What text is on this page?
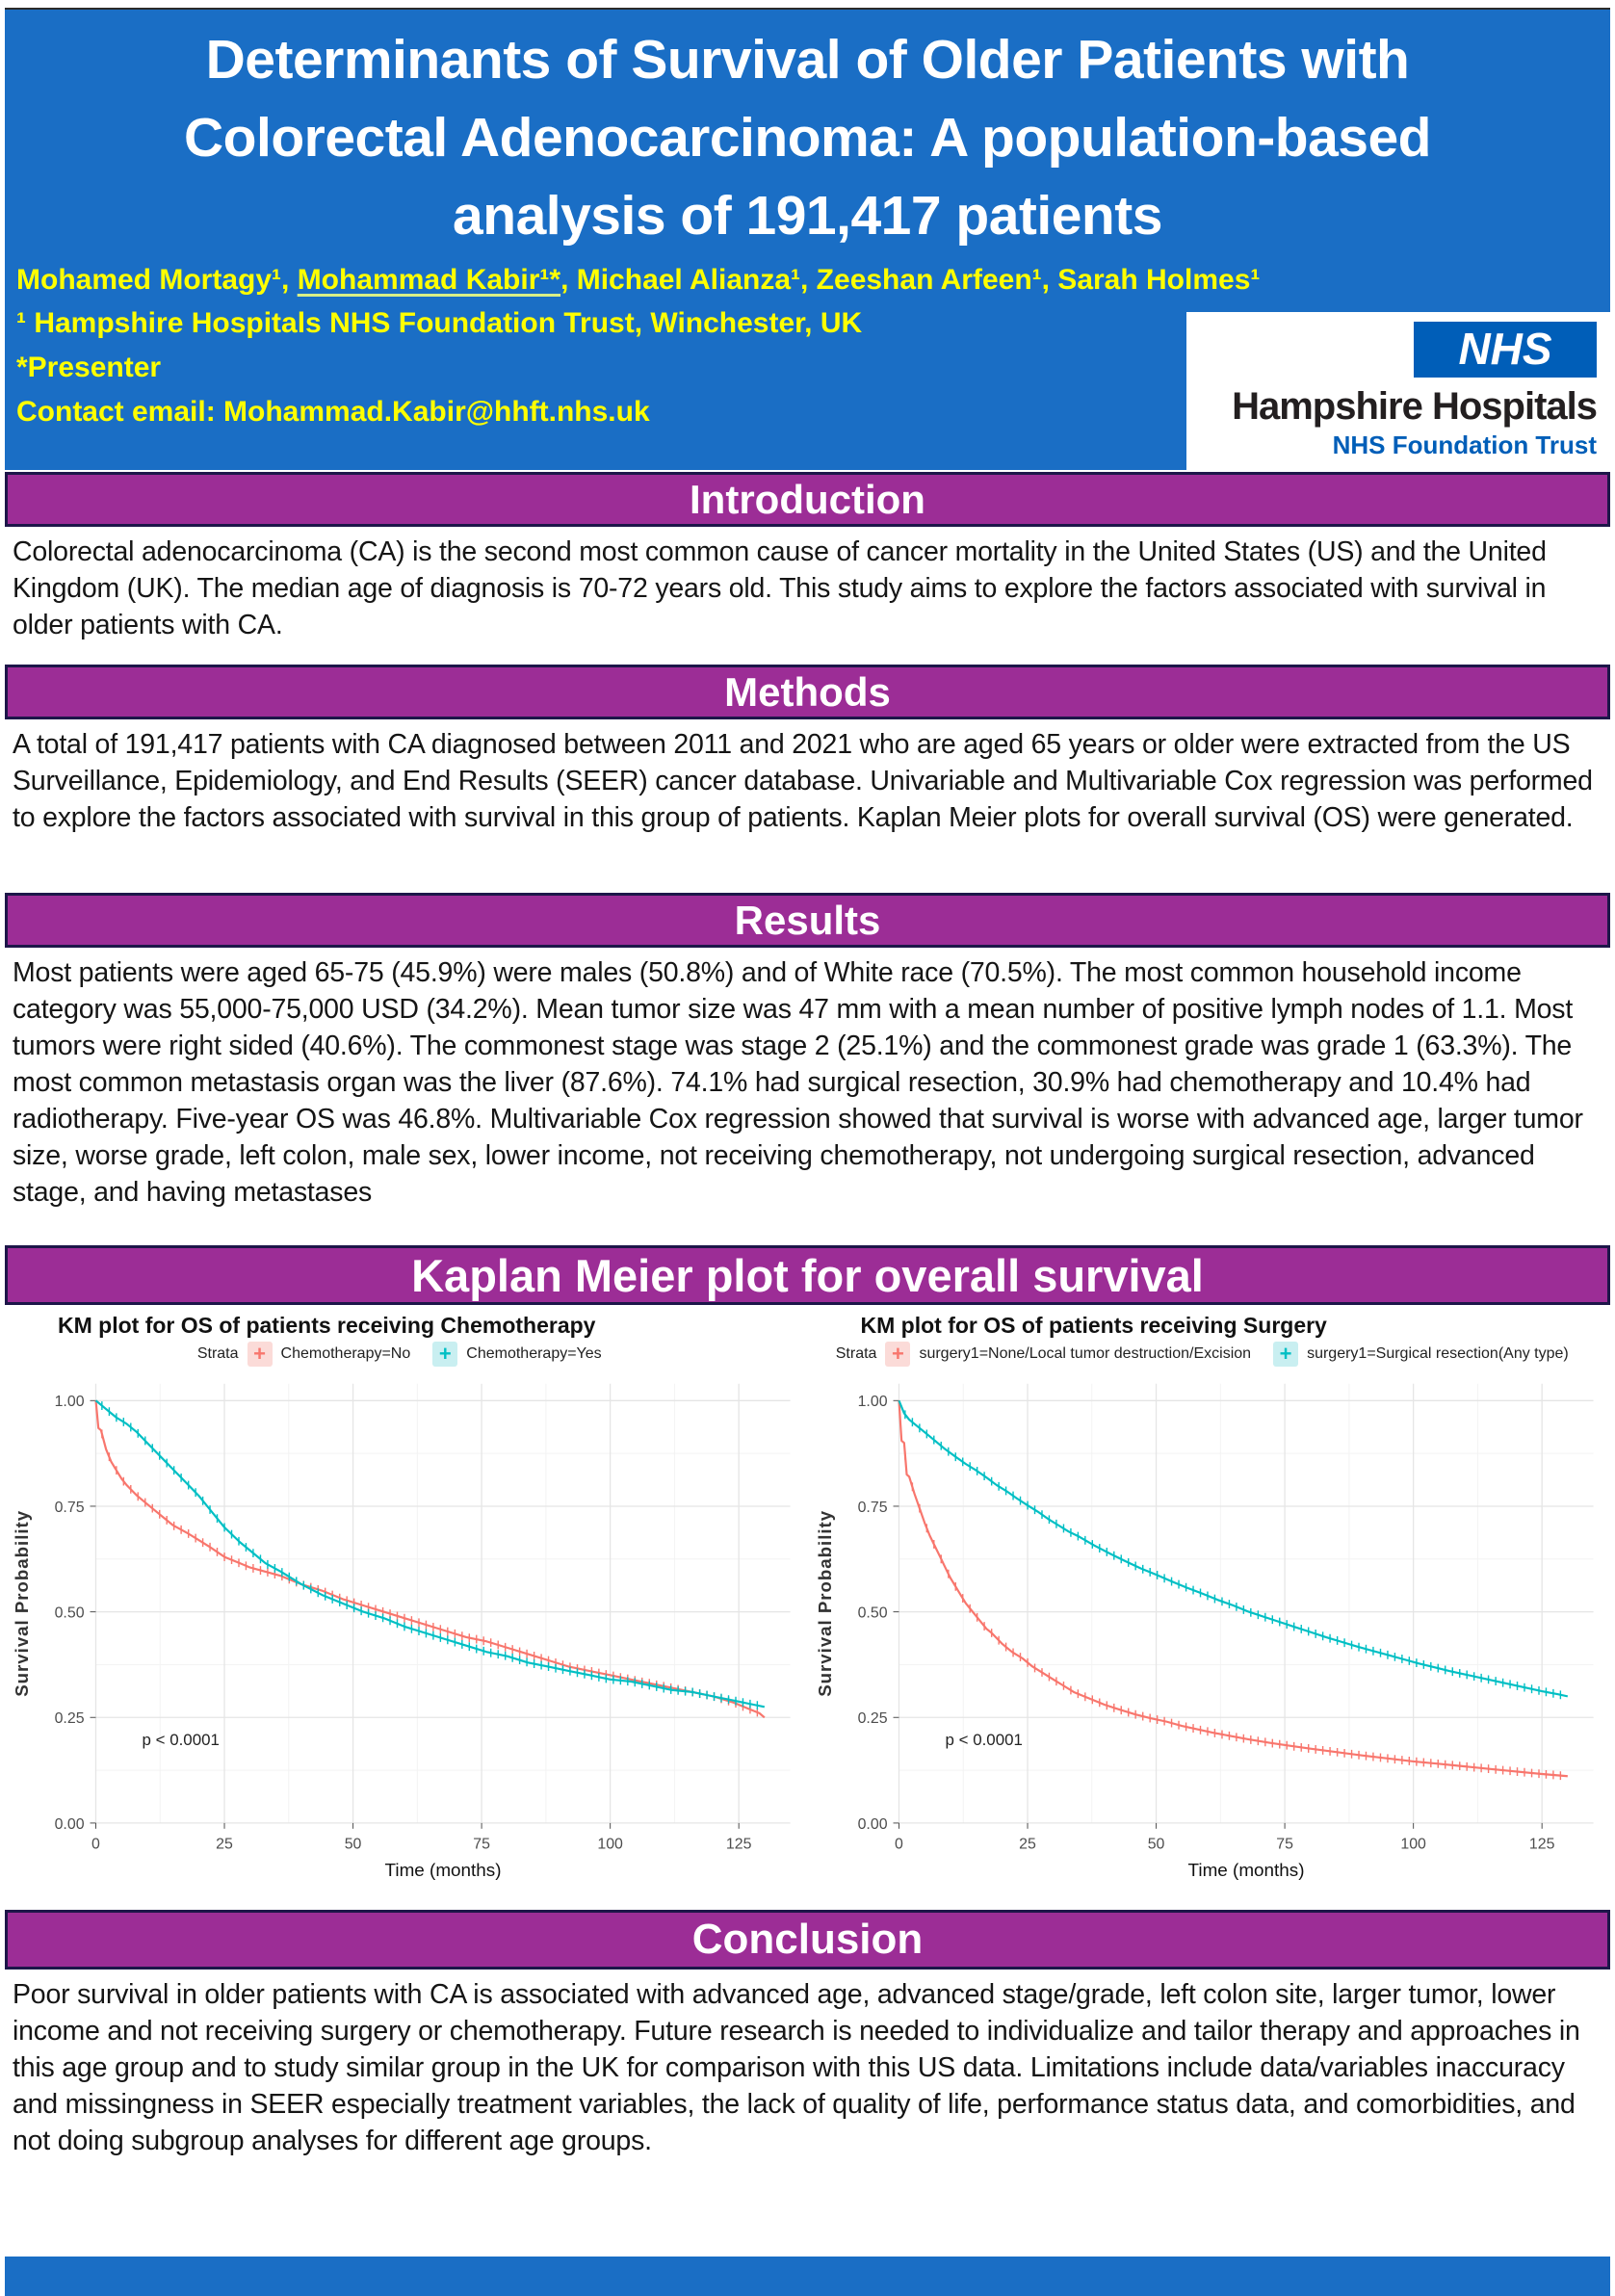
Determinants of Survival of Older Patients with
Colorectal Adenocarcinoma: A population-based
analysis of 191,417 patients
Mohamed Mortagy¹, Mohammad Kabir¹*, Michael Alianza¹, Zeeshan Arfeen¹, Sarah Holmes¹
¹ Hampshire Hospitals NHS Foundation Trust, Winchester, UK
*Presenter
Contact email: Mohammad.Kabir@hhft.nhs.uk
NHS
Hampshire Hospitals
NHS Foundation Trust
Introduction
Colorectal adenocarcinoma (CA) is the second most common cause of cancer mortality in the United States (US) and the United Kingdom (UK). The median age of diagnosis is 70-72 years old. This study aims to explore the factors associated with survival in older patients with CA.
Methods
A total of 191,417 patients with CA diagnosed between 2011 and 2021 who are aged 65 years or older were extracted from the US Surveillance, Epidemiology, and End Results (SEER) cancer database. Univariable and Multivariable Cox regression was performed to explore the factors associated with survival in this group of patients. Kaplan Meier plots for overall survival (OS) were generated.
Results
Most patients were aged 65-75 (45.9%) were males (50.8%) and of White race (70.5%). The most common household income category was 55,000-75,000 USD (34.2%). Mean tumor size was 47 mm with a mean number of positive lymph nodes of 1.1. Most tumors were right sided (40.6%). The commonest stage was stage 2 (25.1%) and the commonest grade was grade 1 (63.3%). The most common metastasis organ was the liver (87.6%). 74.1% had surgical resection, 30.9% had chemotherapy and 10.4% had radiotherapy. Five-year OS was 46.8%. Multivariable Cox regression showed that survival is worse with advanced age, larger tumor size, worse grade, left colon, male sex, lower income, not receiving chemotherapy, not undergoing surgical resection, advanced stage, and having metastases
Kaplan Meier plot for overall survival
KM plot for OS of patients receiving Chemotherapy
Strata + Chemotherapy=No + Chemotherapy=Yes
0	25	50	75	100	125
0.00
0.25
0.50
0.75
1.00
Time (months)
Survival Probability
p < 0.0001
KM plot for OS of patients receiving Surgery
Strata + surgery1=None/Local tumor destruction/Excision + surgery1=Surgical resection(Any type)
0	25	50	75	100	125
0.00
0.25
0.50
0.75
1.00
Time (months)
Survival Probability
p < 0.0001
Conclusion
Poor survival in older patients with CA is associated with advanced age, advanced stage/grade, left colon site, larger tumor, lower income and not receiving surgery or chemotherapy. Future research is needed to individualize and tailor therapy and approaches in this age group and to study similar group in the UK for comparison with this US data. Limitations include data/variables inaccuracy and missingness in SEER especially treatment variables, the lack of quality of life, performance status data, and comorbidities, and not doing subgroup analyses for different age groups.
